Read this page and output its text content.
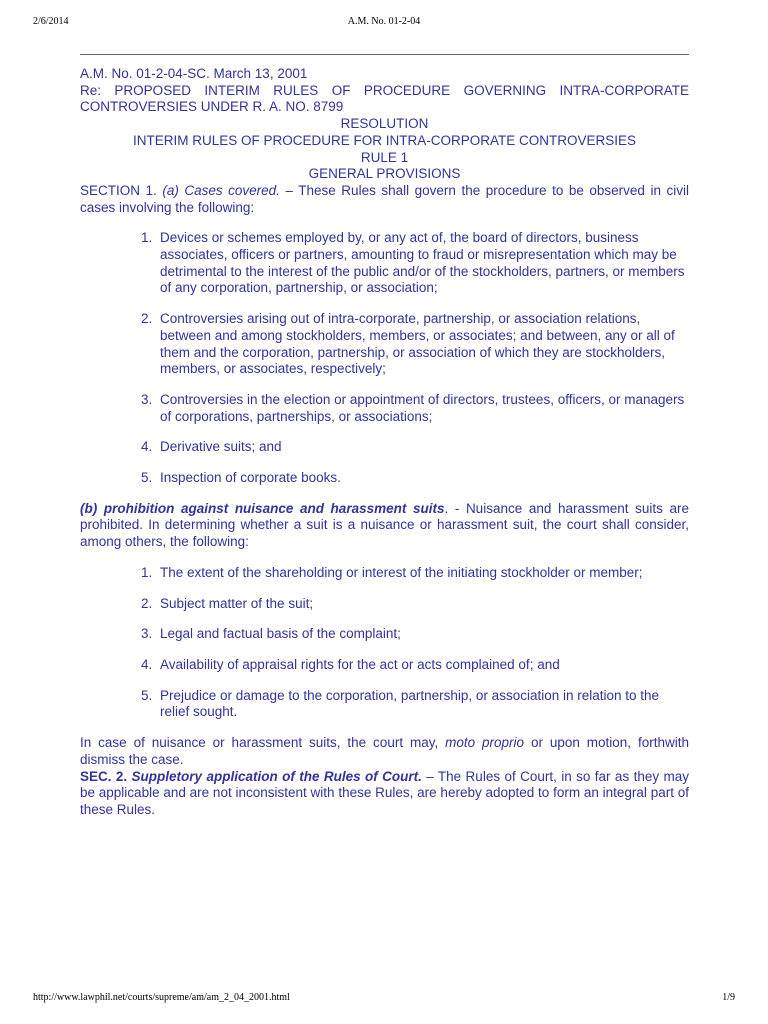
2/6/2014	A.M. No. 01-2-04

A.M. No. 01-2-04-SC. March 13, 2001

Re: PROPOSED INTERIM RULES OF PROCEDURE GOVERNING INTRA-CORPORATE CONTROVERSIES UNDER R. A. NO. 8799

RESOLUTION

INTERIM RULES OF PROCEDURE FOR INTRA-CORPORATE CONTROVERSIES

RULE 1

GENERAL PROVISIONS

SECTION 1. (a) Cases covered. – These Rules shall govern the procedure to be observed in civil cases involving the following:

1. Devices or schemes employed by, or any act of, the board of directors, business associates, officers or partners, amounting to fraud or misrepresentation which may be detrimental to the interest of the public and/or of the stockholders, partners, or members of any corporation, partnership, or association;
2. Controversies arising out of intra-corporate, partnership, or association relations, between and among stockholders, members, or associates; and between, any or all of them and the corporation, partnership, or association of which they are stockholders, members, or associates, respectively;
3. Controversies in the election or appointment of directors, trustees, officers, or managers of corporations, partnerships, or associations;
4. Derivative suits; and
5. Inspection of corporate books.

(b) prohibition against nuisance and harassment suits. - Nuisance and harassment suits are prohibited. In determining whether a suit is a nuisance or harassment suit, the court shall consider, among others, the following:

1. The extent of the shareholding or interest of the initiating stockholder or member;
2. Subject matter of the suit;
3. Legal and factual basis of the complaint;
4. Availability of appraisal rights for the act or acts complained of; and
5. Prejudice or damage to the corporation, partnership, or association in relation to the relief sought.

In case of nuisance or harassment suits, the court may, moto proprio or upon motion, forthwith dismiss the case.

SEC. 2. Suppletory application of the Rules of Court. – The Rules of Court, in so far as they may be applicable and are not inconsistent with these Rules, are hereby adopted to form an integral part of these Rules.

http://www.lawphil.net/courts/supreme/am/am_2_04_2001.html	1/9
